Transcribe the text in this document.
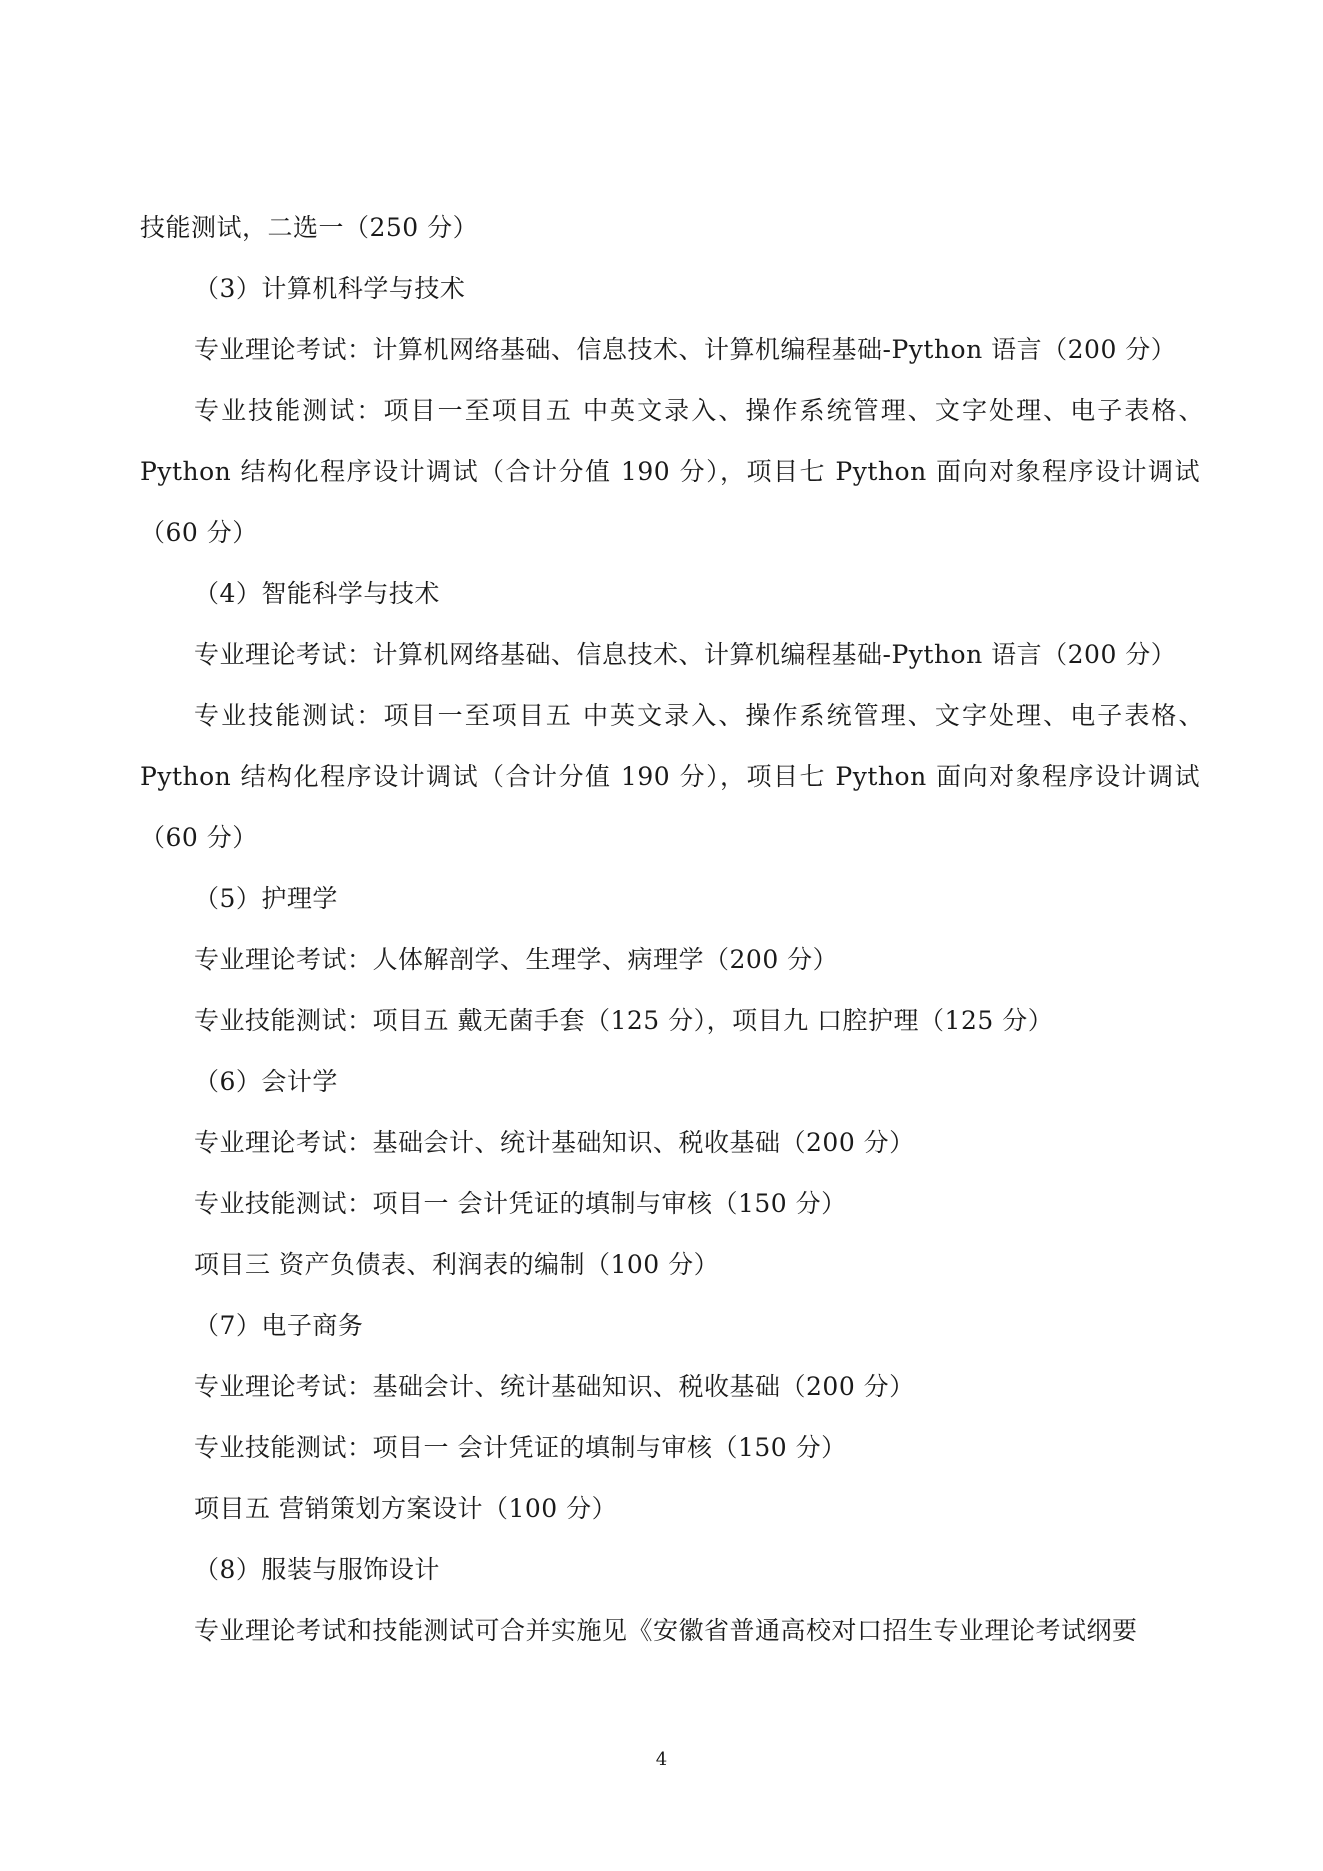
技能测试，二选一（250 分）
（3）计算机科学与技术
专业理论考试：计算机网络基础、信息技术、计算机编程基础-Python 语言（200 分）
专业技能测试：项目一至项目五 中英文录入、操作系统管理、文字处理、电子表格、
Python 结构化程序设计调试（合计分值 190 分），项目七 Python 面向对象程序设计调试
（60 分）
（4）智能科学与技术
专业理论考试：计算机网络基础、信息技术、计算机编程基础-Python 语言（200 分）
专业技能测试：项目一至项目五 中英文录入、操作系统管理、文字处理、电子表格、
Python 结构化程序设计调试（合计分值 190 分），项目七 Python 面向对象程序设计调试
（60 分）
（5）护理学
专业理论考试：人体解剖学、生理学、病理学（200 分）
专业技能测试：项目五 戴无菌手套（125 分），项目九 口腔护理（125 分）
（6）会计学
专业理论考试：基础会计、统计基础知识、税收基础（200 分）
专业技能测试：项目一 会计凭证的填制与审核（150 分）
项目三 资产负债表、利润表的编制（100 分）
（7）电子商务
专业理论考试：基础会计、统计基础知识、税收基础（200 分）
专业技能测试：项目一 会计凭证的填制与审核（150 分）
项目五 营销策划方案设计（100 分）
（8）服装与服饰设计
专业理论考试和技能测试可合并实施见《安徽省普通高校对口招生专业理论考试纲要
4
